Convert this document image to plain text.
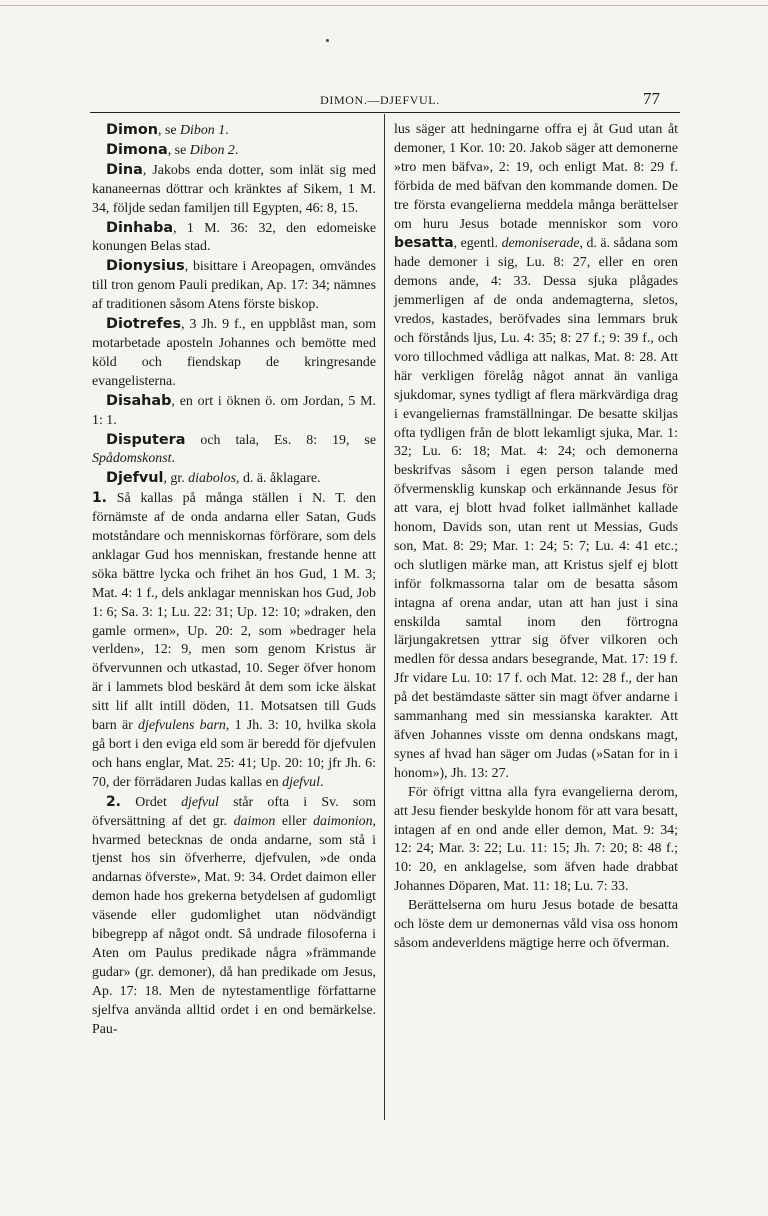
DIMON.—DJEFVUL.	77

Dimon, se Dibon 1.

Dimona, se Dibon 2.

Dina, Jakobs enda dotter, som inlät sig med kananeernas döttrar och kränktes af Sikem, 1 M. 34, följde sedan familjen till Egypten, 46: 8, 15.

Dinhaba, 1 M. 36: 32, den edomeiske konungen Belas stad.

Dionysius, bisittare i Areopagen, omvändes till tron genom Pauli predikan, Ap. 17: 34; nämnes af traditionen såsom Atens förste biskop.

Diotrefes, 3 Jh. 9 f., en uppblåst man, som motarbetade aposteln Johannes och bemötte med köld och fiendskap de kringresande evangelisterna.

Disahab, en ort i öknen ö. om Jordan, 5 M. 1: 1.

Disputera och tala, Es. 8: 19, se Spådomskonst.

Djefvul, gr. diabolos, d. ä. åklagare.

1. Så kallas på många ställen i N. T. den förnämste af de onda andarna eller Satan, Guds motståndare och menniskornas förförare, som dels anklagar Gud hos menniskan, frestande henne att söka bättre lycka och frihet än hos Gud, 1 M. 3; Mat. 4: 1 f., dels anklagar menniskan hos Gud, Job 1: 6; Sa. 3: 1; Lu. 22: 31; Up. 12: 10; »draken, den gamle ormen», Up. 20: 2, som »bedrager hela verlden», 12: 9, men som genom Kristus är öfvervunnen och utkastad, 10. Seger öfver honom är i lammets blod beskärd åt dem som icke älskat sitt lif allt intill döden, 11. Motsatsen till Guds barn är djefvulens barn, 1 Jh. 3: 10, hvilka skola gå bort i den eviga eld som är beredd för djefvulen och hans englar, Mat. 25: 41; Up. 20: 10; jfr Jh. 6: 70, der förrädaren Judas kallas en djefvul.

2. Ordet djefvul står ofta i Sv. som öfversättning af det gr. daimon eller daimonion, hvarmed betecknas de onda andarne, som stå i tjenst hos sin öfverherre, djefvulen, »de onda andarnas öfverste», Mat. 9: 34. Ordet daimon eller demon hade hos grekerna betydelsen af gudomligt väsende eller gudomlighet utan nödvändigt bibegrepp af något ondt. Så undrade filosoferna i Aten om Paulus predikade några »främmande gudar» (gr. demoner), då han predikade om Jesus, Ap. 17: 18. Men de nytestamentlige författarne sjelfva använda alltid ordet i en ond bemärkelse. Pau-

lus säger att hedningarne offra ej åt Gud utan åt demoner, 1 Kor. 10: 20. Jakob säger att demonerne »tro men bäfva», 2: 19, och enligt Mat. 8: 29 f. förbida de med bäfvan den kommande domen. De tre första evangelierna meddela många berättelser om huru Jesus botade menniskor som voro besatta, egentl. demoniserade, d. ä. sådana som hade demoner i sig, Lu. 8: 27, eller en oren demons ande, 4: 33. Dessa sjuka plågades jemmerligen af de onda andemagterna, sletos, vredos, kastades, beröfvades sina lemmars bruk och förstånds ljus, Lu. 4: 35; 8: 27 f.; 9: 39 f., och voro tillochmed vådliga att nalkas, Mat. 8: 28. Att här verkligen förelåg något annat än vanliga sjukdomar, synes tydligt af flera märkvärdiga drag i evangeliernas framställningar. De besatte skiljas ofta tydligen från de blott lekamligt sjuka, Mar. 1: 32; Lu. 6: 18; Mat. 4: 24; och demonerna beskrifvas såsom i egen person talande med öfvermensklig kunskap och erkännande Jesus för att vara, ej blott hvad folket iallmänhet kallade honom, Davids son, utan rent ut Messias, Guds son, Mat. 8: 29; Mar. 1: 24; 5: 7; Lu. 4: 41 etc.; och slutligen märke man, att Kristus sjelf ej blott inför folkmassorna talar om de besatta såsom intagna af orena andar, utan att han just i sina enskilda samtal inom den förtrogna lärjungakretsen yttrar sig öfver vilkoren och medlen för dessa andars besegrande, Mat. 17: 19 f. Jfr vidare Lu. 10: 17 f. och Mat. 12: 28 f., der han på det bestämdaste sätter sin magt öfver andarne i sammanhang med sin messianska karakter. Att äfven Johannes visste om denna ondskans magt, synes af hvad han säger om Judas (»Satan for in i honom»), Jh. 13: 27.

För öfrigt vittna alla fyra evangelierna derom, att Jesu fiender beskylde honom för att vara besatt, intagen af en ond ande eller demon, Mat. 9: 34; 12: 24; Mar. 3: 22; Lu. 11: 15; Jh. 7: 20; 8: 48 f.; 10: 20, en anklagelse, som äfven hade drabbat Johannes Döparen, Mat. 11: 18; Lu. 7: 33.

Berättelserna om huru Jesus botade de besatta och löste dem ur demonernas våld visa oss honom såsom andeverldens mägtige herre och öfverman.
